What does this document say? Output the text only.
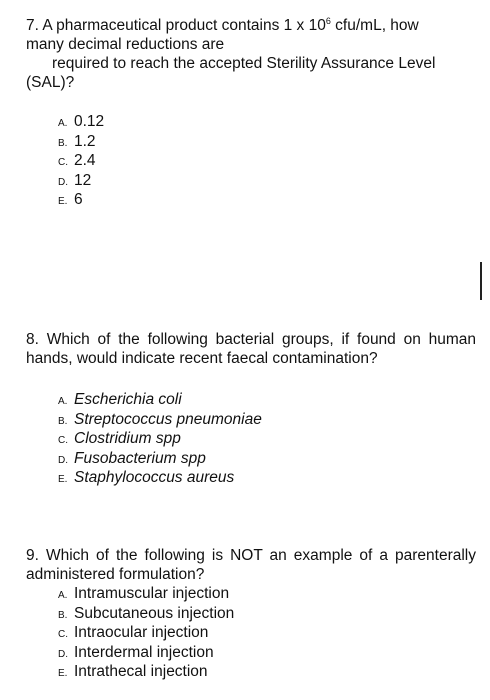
7. A pharmaceutical product contains 1 x $10^6$ cfu/mL, how
many decimal reductions are
required to reach the accepted Sterility Assurance Level
(SAL)?

A. 0.12
B. 1.2
C. 2.4
D. 12
E. 6

8. Which of the following bacterial groups, if found on human hands, would indicate recent faecal contamination?

A. Escherichia coli
B. Streptococcus pneumoniae
C. Clostridium spp
D. Fusobacterium spp
E. Staphylococcus aureus

9. Which of the following is NOT an example of a parenterally administered formulation?

A. Intramuscular injection
B. Subcutaneous injection
C. Intraocular injection
D. Interdermal injection
E. Intrathecal injection
